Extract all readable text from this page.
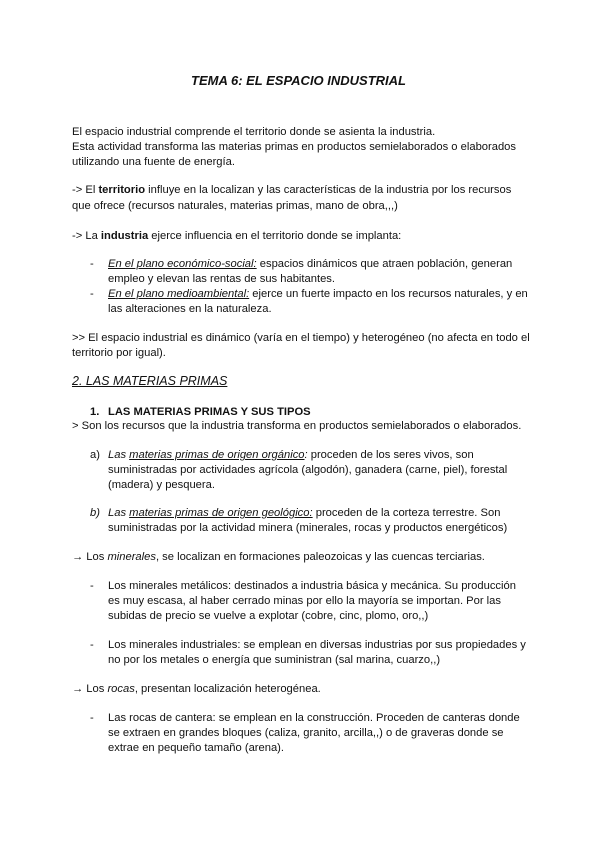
TEMA 6: EL ESPACIO INDUSTRIAL

El espacio industrial comprende el territorio donde se asienta la industria.

Esta actividad transforma las materias primas en productos semielaborados o elaborados

utilizando una fuente de energía.

-> El territorio influye en la localizan y las características de la industria por los recursos

que ofrece (recursos naturales, materias primas, mano de obra,,,)

-> La industria ejerce influencia en el territorio donde se implanta:

- En el plano económico-social: espacios dinámicos que atraen población, generan

empleo y elevan las rentas de sus habitantes.

- En el plano medioambiental: ejerce un fuerte impacto en los recursos naturales, y en

las alteraciones en la naturaleza.

>> El espacio industrial es dinámico (varía en el tiempo) y heterogéneo (no afecta en todo el

territorio por igual).

2. LAS MATERIAS PRIMAS

1. LAS MATERIAS PRIMAS Y SUS TIPOS

> Son los recursos que la industria transforma en productos semielaborados o elaborados.

a) Las materias primas de origen orgánico: proceden de los seres vivos, son

suministradas por actividades agrícola (algodón), ganadera (carne, piel), forestal

(madera) y pesquera.

b) Las materias primas de origen geológico: proceden de la corteza terrestre. Son

suministradas por la actividad minera (minerales, rocas y productos energéticos)

→ Los minerales, se localizan en formaciones paleozoicas y las cuencas terciarias.

- Los minerales metálicos: destinados a industria básica y mecánica. Su producción

es muy escasa, al haber cerrado minas por ello la mayoría se importan. Por las

subidas de precio se vuelve a explotar (cobre, cinc, plomo, oro,,)

- Los minerales industriales: se emplean en diversas industrias por sus propiedades y

no por los metales o energía que suministran (sal marina, cuarzo,,)

→ Los rocas, presentan localización heterogénea.

- Las rocas de cantera: se emplean en la construcción. Proceden de canteras donde

se extraen en grandes bloques (caliza, granito, arcilla,,) o de graveras donde se

extrae en pequeño tamaño (arena).
